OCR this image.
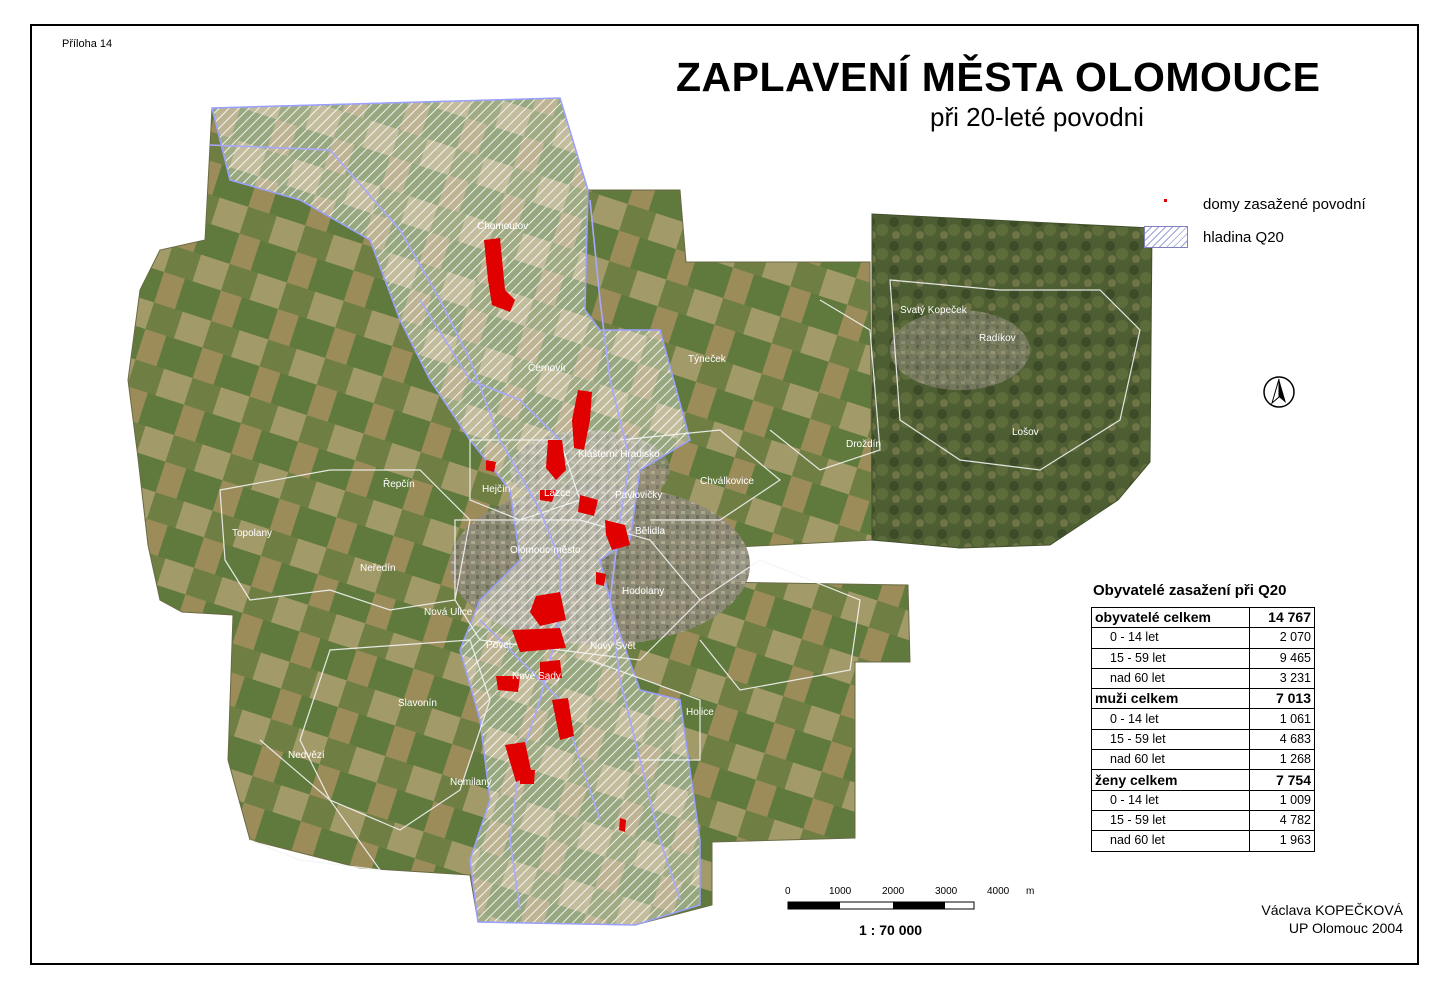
Chomoutov
Černovír
Týneček
Svatý Kopeček
Radíkov
Droždín
Lošov
Klášterní Hradisko
Hejčín
Řepčín
Lazce	Pavlovičky
Chválkovice
Bělidla
Topolany
Olomouc-město
Neředín
Hodolany
Nová Ulice
Povel
Nové Sady
Nový Svět
Slavonín
Holice
Nedvězí
Nemilany
Příloha 14
ZAPLAVENÍ MĚSTA OLOMOUCE
při 20-leté povodni
domy zasažené povodní
hladina Q20
Obyvatelé zasažení při Q20
obyvatelé celkem	14 767
0 - 14 let	2 070
15 - 59 let	9 465
nad 60 let	3 231
muži celkem	7 013
0 - 14 let	1 061
15 - 59 let	4 683
nad 60 let	1 268
ženy celkem	7 754
0 - 14 let	1 009
15 - 59 let	4 782
nad 60 let	1 963
0	1000	2000	3000	4000 m
1 : 70 000
Václava KOPEČKOVÁ
UP Olomouc 2004
